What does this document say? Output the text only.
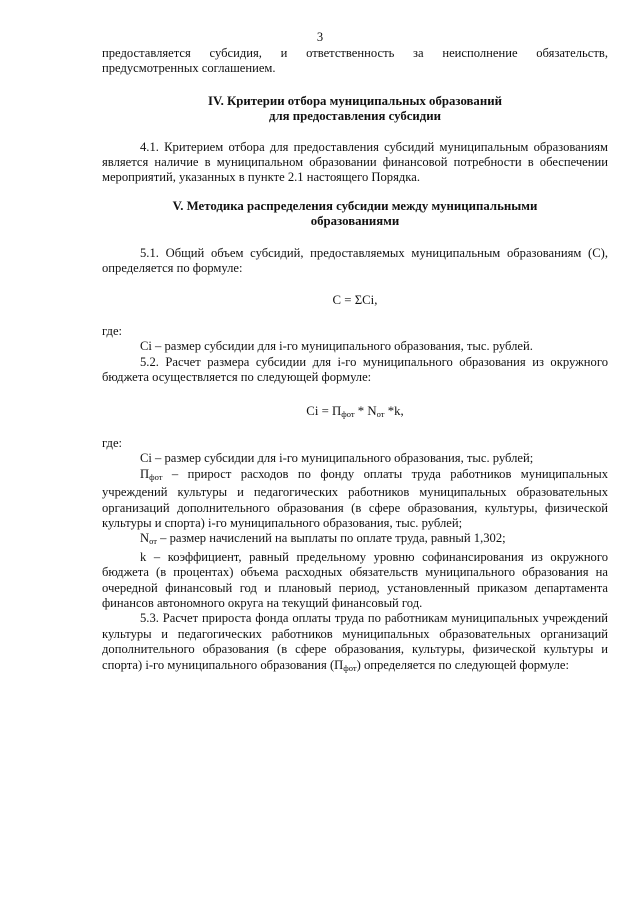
3

предоставляется субсидия, и ответственность за неисполнение обязательств, предусмотренных соглашением.

IV. Критерии отбора муниципальных образований
для предоставления субсидии

4.1. Критерием отбора для предоставления субсидий муниципальным образованиям является наличие в муниципальном образовании финансовой потребности в обеспечении мероприятий, указанных в пункте 2.1 настоящего Порядка.

V. Методика распределения субсидии между муниципальными
образованиями

5.1. Общий объем субсидий, предоставляемых муниципальным образованиям (С), определяется по формуле:

С = ΣСi,

где:

Сi – размер субсидии для i-го муниципального образования, тыс. рублей.

5.2. Расчет размера субсидии для i-го муниципального образования из окружного бюджета осуществляется по следующей формуле:

Сi = $П_{фот} * N_{от}$ *k,

где:

Сi – размер субсидии для i-го муниципального образования, тыс. рублей;

$П_{фот}$ – прирост расходов по фонду оплаты труда работников муниципальных учреждений культуры и педагогических работников муниципальных образовательных организаций дополнительного образования (в сфере образования, культуры, физической культуры и спорта) i-го муниципального образования, тыс. рублей;

$N_{от}$ – размер начислений на выплаты по оплате труда, равный 1,302;

k – коэффициент, равный предельному уровню софинансирования из окружного бюджета (в процентах) объема расходных обязательств муниципального образования на очередной финансовый год и плановый период, установленный приказом департамента финансов автономного округа на текущий финансовый год.

5.3. Расчет прироста фонда оплаты труда по работникам муниципальных учреждений культуры и педагогических работников муниципальных образовательных организаций дополнительного образования (в сфере образования, культуры, физической культуры и спорта) i-го муниципального образования $(П_{фот})$ определяется по следующей формуле:
